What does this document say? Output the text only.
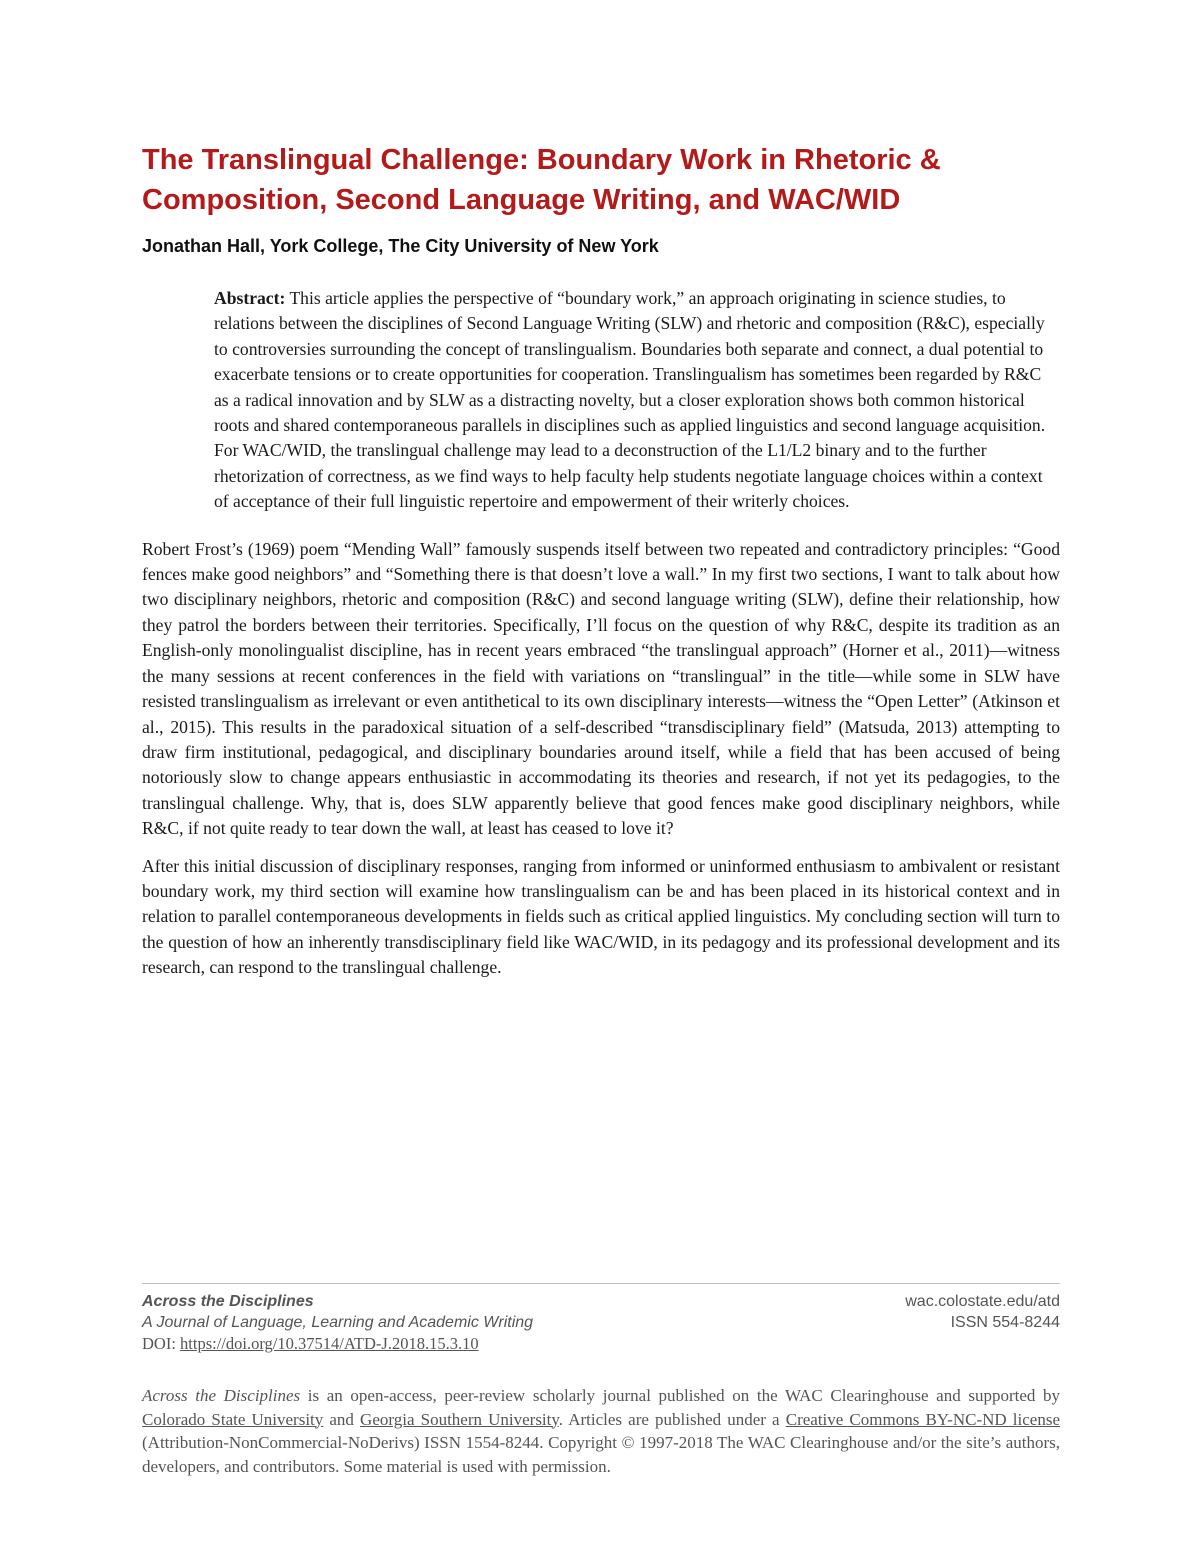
The Translingual Challenge: Boundary Work in Rhetoric &
Composition, Second Language Writing, and WAC/WID
Jonathan Hall, York College, The City University of New York
Abstract: This article applies the perspective of “boundary work,” an approach originating in science studies, to relations between the disciplines of Second Language Writing (SLW) and rhetoric and composition (R&C), especially to controversies surrounding the concept of translingualism. Boundaries both separate and connect, a dual potential to exacerbate tensions or to create opportunities for cooperation. Translingualism has sometimes been regarded by R&C as a radical innovation and by SLW as a distracting novelty, but a closer exploration shows both common historical roots and shared contemporaneous parallels in disciplines such as applied linguistics and second language acquisition. For WAC/WID, the translingual challenge may lead to a deconstruction of the L1/L2 binary and to the further rhetorization of correctness, as we find ways to help faculty help students negotiate language choices within a context of acceptance of their full linguistic repertoire and empowerment of their writerly choices.

Robert Frost’s (1969) poem “Mending Wall” famously suspends itself between two repeated and contradictory principles: “Good fences make good neighbors” and “Something there is that doesn’t love a wall.” In my first two sections, I want to talk about how two disciplinary neighbors, rhetoric and composition (R&C) and second language writing (SLW), define their relationship, how they patrol the borders between their territories. Specifically, I’ll focus on the question of why R&C, despite its tradition as an English-only monolingualist discipline, has in recent years embraced “the translingual approach” (Horner et al., 2011)—witness the many sessions at recent conferences in the field with variations on “translingual” in the title—while some in SLW have resisted translingualism as irrelevant or even antithetical to its own disciplinary interests—witness the “Open Letter” (Atkinson et al., 2015). This results in the paradoxical situation of a self-described “transdisciplinary field” (Matsuda, 2013) attempting to draw firm institutional, pedagogical, and disciplinary boundaries around itself, while a field that has been accused of being notoriously slow to change appears enthusiastic in accommodating its theories and research, if not yet its pedagogies, to the translingual challenge. Why, that is, does SLW apparently believe that good fences make good disciplinary neighbors, while R&C, if not quite ready to tear down the wall, at least has ceased to love it?

After this initial discussion of disciplinary responses, ranging from informed or uninformed enthusiasm to ambivalent or resistant boundary work, my third section will examine how translingualism can be and has been placed in its historical context and in relation to parallel contemporaneous developments in fields such as critical applied linguistics. My concluding section will turn to the question of how an inherently transdisciplinary field like WAC/WID, in its pedagogy and its professional development and its research, can respond to the translingual challenge.

Across the Disciplines
A Journal of Language, Learning and Academic Writing
DOI: https://doi.org/10.37514/ATD-J.2018.15.3.10
wac.colostate.edu/atd
ISSN 554-8244
Across the Disciplines is an open-access, peer-review scholarly journal published on the WAC Clearinghouse and supported by Colorado State University and Georgia Southern University. Articles are published under a Creative Commons BY-NC-ND license (Attribution-NonCommercial-NoDerivs) ISSN 1554-8244. Copyright © 1997-2018 The WAC Clearinghouse and/or the site’s authors, developers, and contributors. Some material is used with permission.
